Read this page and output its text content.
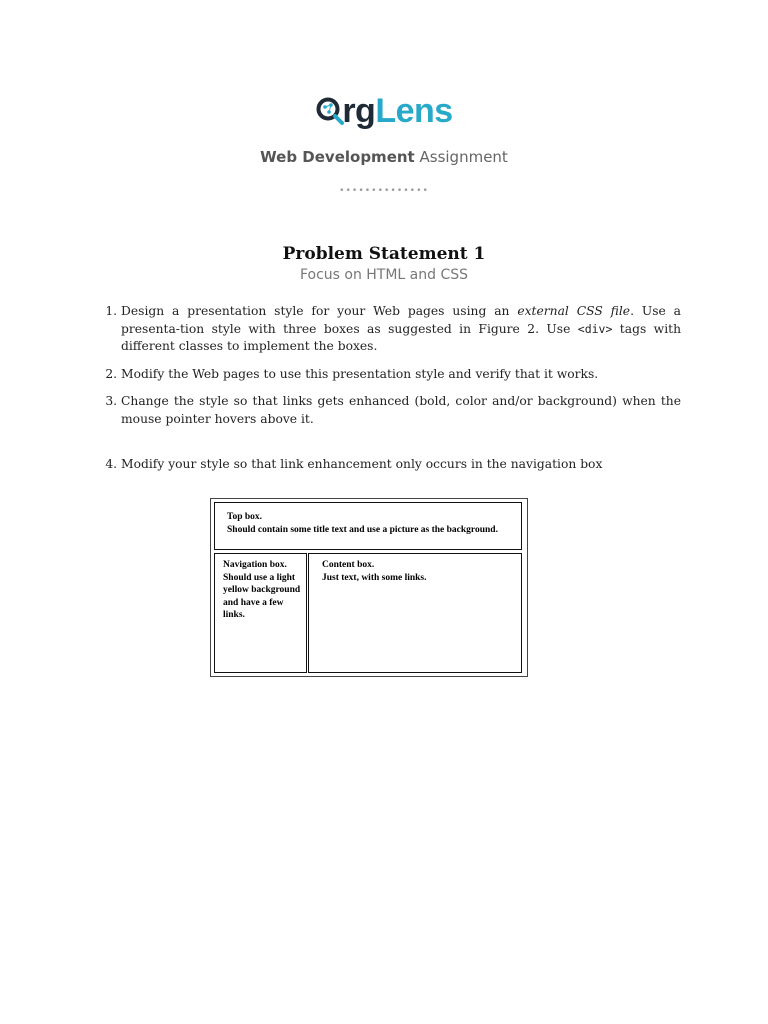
rgLens
Web Development Assignment
••••••••••••••
Problem Statement 1
Focus on HTML and CSS
1. Design a presentation style for your Web pages using an external CSS file. Use a presenta-tion style with three boxes as suggested in Figure 2. Use <div> tags with different classes to implement the boxes.
2. Modify the Web pages to use this presentation style and verify that it works.
3. Change the style so that links gets enhanced (bold, color and/or background) when the mouse pointer hovers above it.
4. Modify your style so that link enhancement only occurs in the navigation box
Top box.
Should contain some title text and use a picture as the background.
Navigation box.
Should use a light
yellow background
and have a few
links.
Content box.
Just text, with some links.
